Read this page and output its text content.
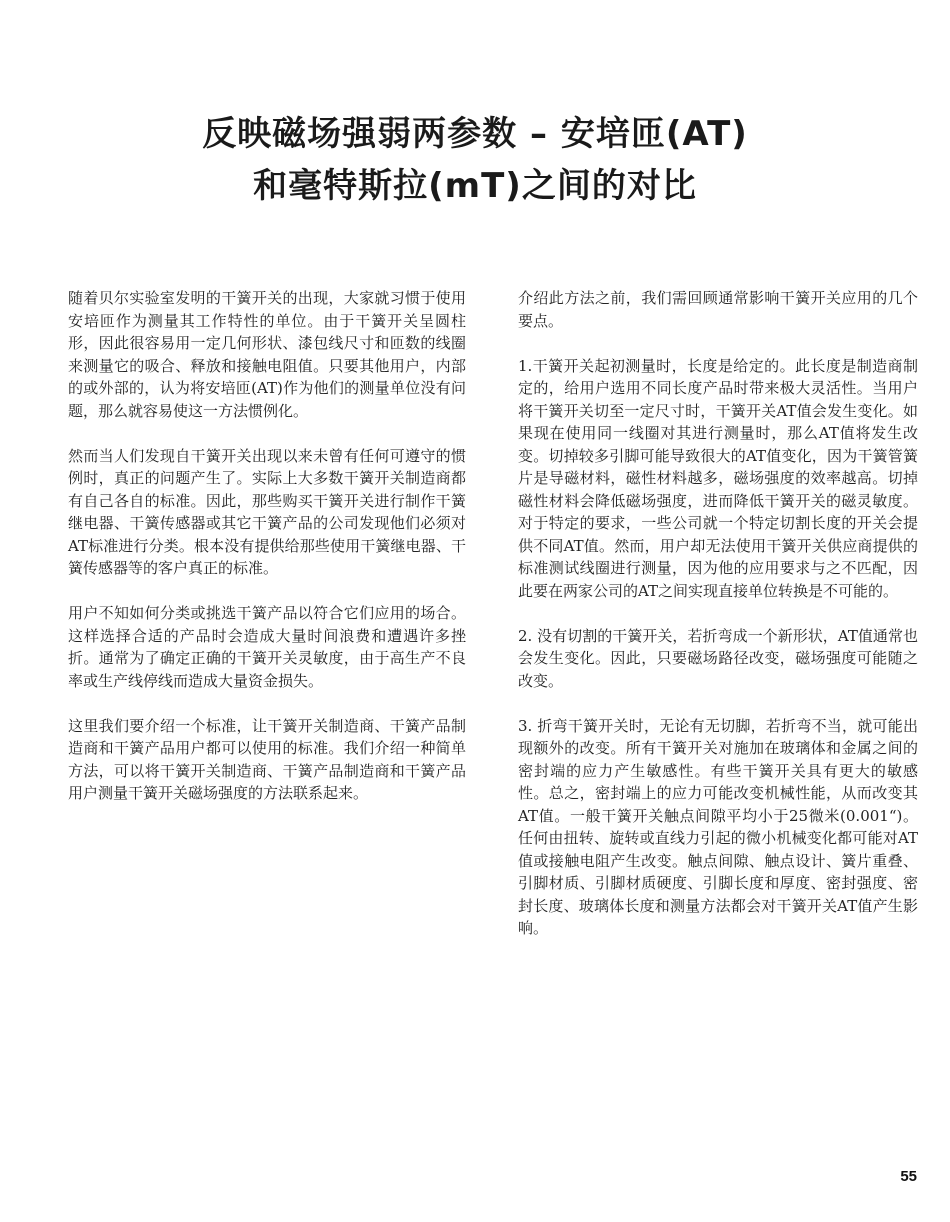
反映磁场强弱两参数 – 安培匝(AT)
和毫特斯拉(mT)之间的对比

随着贝尔实验室发明的干簧开关的出现，大家就习惯于使用安培匝作为测量其工作特性的单位。由于干簧开关呈圆柱形，因此很容易用一定几何形状、漆包线尺寸和匝数的线圈来测量它的吸合、释放和接触电阻值。只要其他用户，内部的或外部的，认为将安培匝(AT)作为他们的测量单位没有问题，那么就容易使这一方法惯例化。

然而当人们发现自干簧开关出现以来未曾有任何可遵守的惯例时，真正的问题产生了。实际上大多数干簧开关制造商都有自己各自的标准。因此，那些购买干簧开关进行制作干簧继电器、干簧传感器或其它干簧产品的公司发现他们必须对AT标准进行分类。根本没有提供给那些使用干簧继电器、干簧传感器等的客户真正的标准。

用户不知如何分类或挑选干簧产品以符合它们应用的场合。这样选择合适的产品时会造成大量时间浪费和遭遇许多挫折。通常为了确定正确的干簧开关灵敏度，由于高生产不良率或生产线停线而造成大量资金损失。

这里我们要介绍一个标准，让干簧开关制造商、干簧产品制造商和干簧产品用户都可以使用的标准。我们介绍一种简单方法，可以将干簧开关制造商、干簧产品制造商和干簧产品用户测量干簧开关磁场强度的方法联系起来。

介绍此方法之前，我们需回顾通常影响干簧开关应用的几个要点。

1.干簧开关起初测量时，长度是给定的。此长度是制造商制定的，给用户选用不同长度产品时带来极大灵活性。当用户将干簧开关切至一定尺寸时，干簧开关AT值会发生变化。如果现在使用同一线圈对其进行测量时，那么AT值将发生改变。切掉较多引脚可能导致很大的AT值变化，因为干簧管簧片是导磁材料，磁性材料越多，磁场强度的效率越高。切掉磁性材料会降低磁场强度，进而降低干簧开关的磁灵敏度。对于特定的要求，一些公司就一个特定切割长度的开关会提供不同AT值。然而，用户却无法使用干簧开关供应商提供的标准测试线圈进行测量，因为他的应用要求与之不匹配，因此要在两家公司的AT之间实现直接单位转换是不可能的。

2. 没有切割的干簧开关，若折弯成一个新形状，AT值通常也会发生变化。因此，只要磁场路径改变，磁场强度可能随之改变。

3. 折弯干簧开关时，无论有无切脚，若折弯不当，就可能出现额外的改变。所有干簧开关对施加在玻璃体和金属之间的密封端的应力产生敏感性。有些干簧开关具有更大的敏感性。总之，密封端上的应力可能改变机械性能，从而改变其AT值。一般干簧开关触点间隙平均小于25微米(0.001“)。任何由扭转、旋转或直线力引起的微小机械变化都可能对AT值或接触电阻产生改变。触点间隙、触点设计、簧片重叠、引脚材质、引脚材质硬度、引脚长度和厚度、密封强度、密封长度、玻璃体长度和测量方法都会对干簧开关AT值产生影响。

55
